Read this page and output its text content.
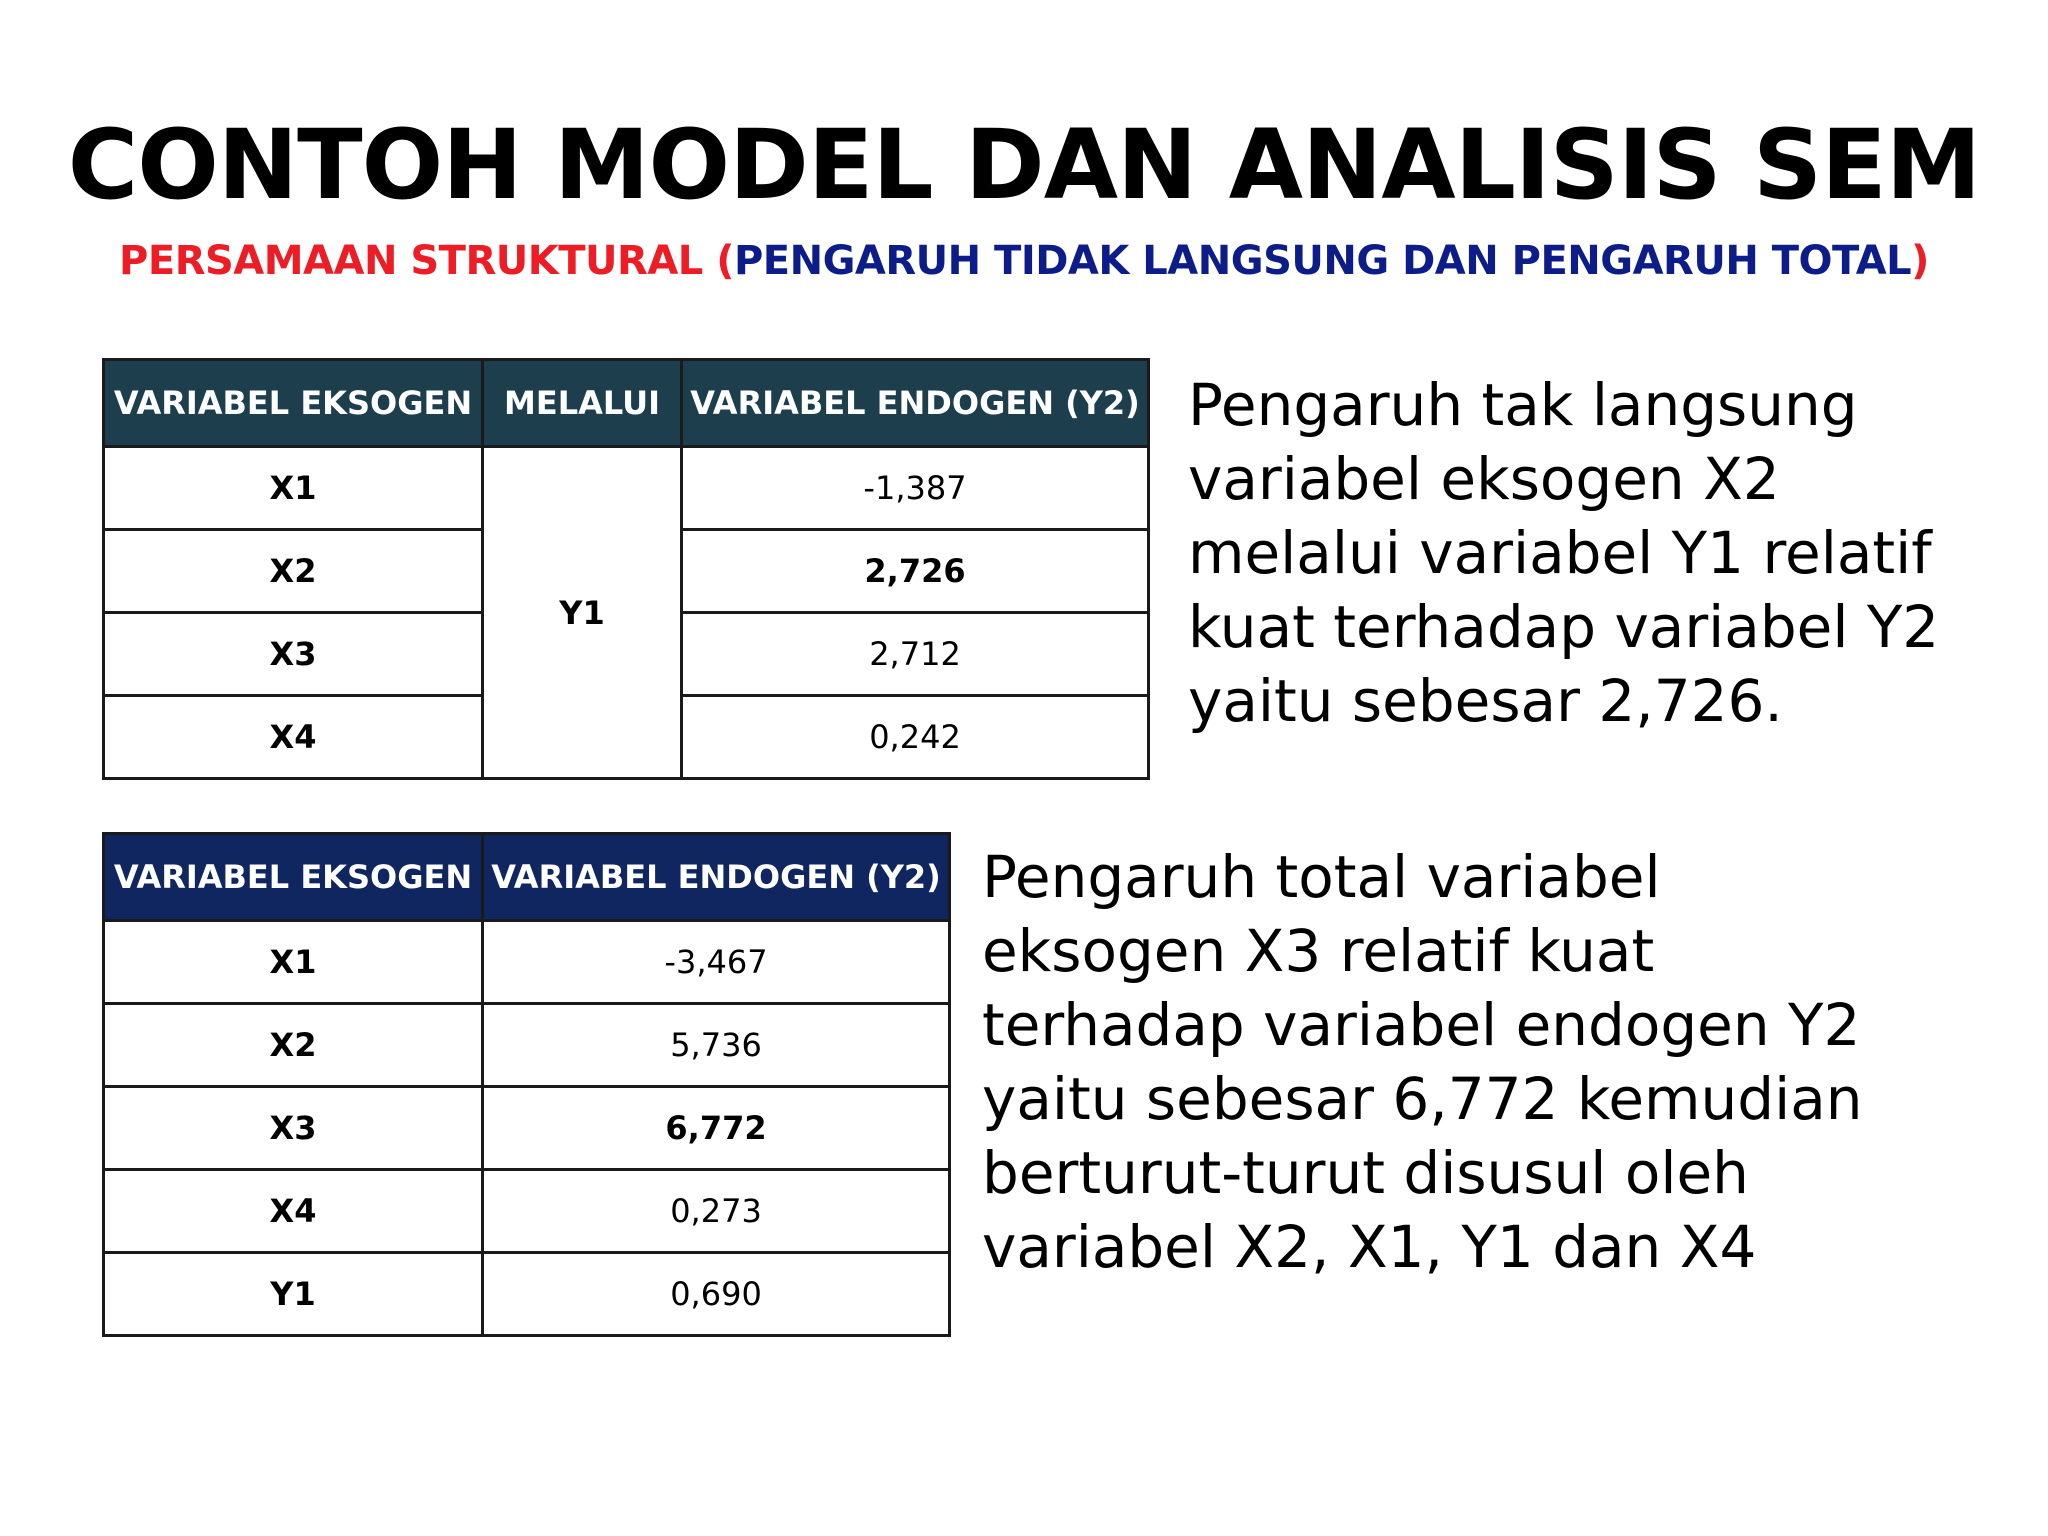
CONTOH MODEL DAN ANALISIS SEM
PERSAMAAN STRUKTURAL (PENGARUH TIDAK LANGSUNG DAN PENGARUH TOTAL)
VARIABEL EKSOGEN	MELALUI	VARIABEL ENDOGEN (Y2)
X1	Y1	-1,387
X2		2,726
X3		2,712
X4		0,242
Pengaruh tak langsung
variabel eksogen X2
melalui variabel Y1 relatif
kuat terhadap variabel Y2
yaitu sebesar 2,726.
VARIABEL EKSOGEN	VARIABEL ENDOGEN (Y2)
X1	-3,467
X2	5,736
X3	6,772
X4	0,273
Y1	0,690
Pengaruh total variabel
eksogen X3 relatif kuat
terhadap variabel endogen Y2
yaitu sebesar 6,772 kemudian
berturut-turut disusul oleh
variabel X2, X1, Y1 dan X4
